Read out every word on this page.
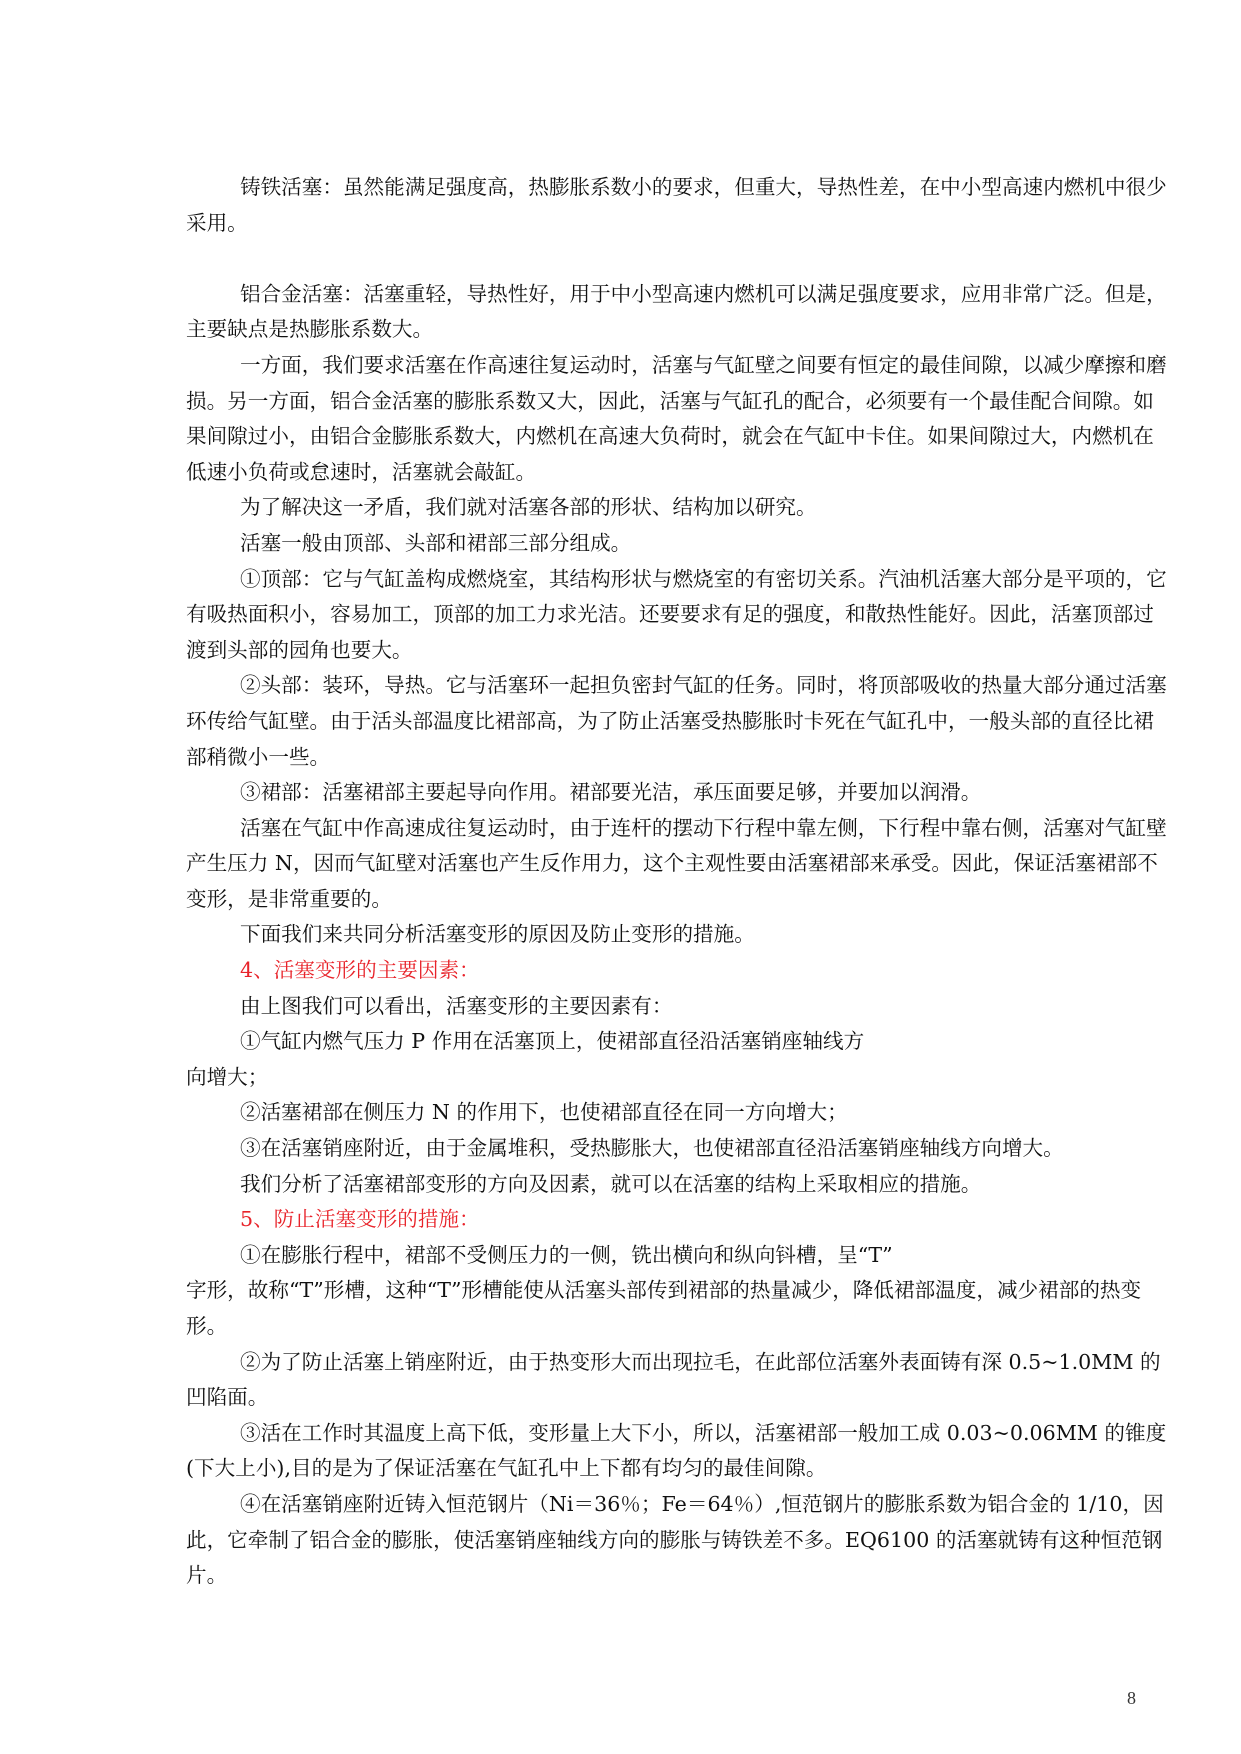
铸铁活塞：虽然能满足强度高，热膨胀系数小的要求，但重大，导热性差，在中小型高速内燃机中很少采用。

铝合金活塞：活塞重轻，导热性好，用于中小型高速内燃机可以满足强度要求，应用非常广泛。但是，主要缺点是热膨胀系数大。

一方面，我们要求活塞在作高速往复运动时，活塞与气缸壁之间要有恒定的最佳间隙，以减少摩擦和磨损。另一方面，铝合金活塞的膨胀系数又大，因此，活塞与气缸孔的配合，必须要有一个最佳配合间隙。如果间隙过小，由铝合金膨胀系数大，内燃机在高速大负荷时，就会在气缸中卡住。如果间隙过大，内燃机在低速小负荷或怠速时，活塞就会敲缸。

为了解决这一矛盾，我们就对活塞各部的形状、结构加以研究。

活塞一般由顶部、头部和裙部三部分组成。

①顶部：它与气缸盖构成燃烧室，其结构形状与燃烧室的有密切关系。汽油机活塞大部分是平项的，它有吸热面积小，容易加工，顶部的加工力求光洁。还要要求有足的强度，和散热性能好。因此，活塞顶部过渡到头部的园角也要大。

②头部：装环，导热。它与活塞环一起担负密封气缸的任务。同时，将顶部吸收的热量大部分通过活塞环传给气缸壁。由于活头部温度比裙部高，为了防止活塞受热膨胀时卡死在气缸孔中，一般头部的直径比裙部稍微小一些。

③裙部：活塞裙部主要起导向作用。裙部要光洁，承压面要足够，并要加以润滑。

活塞在气缸中作高速成往复运动时，由于连杆的摆动下行程中靠左侧，下行程中靠右侧，活塞对气缸壁产生压力 N，因而气缸壁对活塞也产生反作用力，这个主观性要由活塞裙部来承受。因此，保证活塞裙部不变形，是非常重要的。

下面我们来共同分析活塞变形的原因及防止变形的措施。

4、活塞变形的主要因素：

由上图我们可以看出，活塞变形的主要因素有：

①气缸内燃气压力 P 作用在活塞顶上，使裙部直径沿活塞销座轴线方

向增大；

②活塞裙部在侧压力 N 的作用下，也使裙部直径在同一方向增大；

③在活塞销座附近，由于金属堆积，受热膨胀大，也使裙部直径沿活塞销座轴线方向增大。

我们分析了活塞裙部变形的方向及因素，就可以在活塞的结构上采取相应的措施。

5、防止活塞变形的措施：

①在膨胀行程中，裙部不受侧压力的一侧，铣出横向和纵向钭槽，呈“T”

字形，故称“T”形槽，这种“T”形槽能使从活塞头部传到裙部的热量减少，降低裙部温度，减少裙部的热变形。

②为了防止活塞上销座附近，由于热变形大而出现拉毛，在此部位活塞外表面铸有深 0.5~1.0MM 的凹陷面。

③活在工作时其温度上高下低，变形量上大下小，所以，活塞裙部一般加工成 0.03~0.06MM 的锥度(下大上小),目的是为了保证活塞在气缸孔中上下都有均匀的最佳间隙。

④在活塞销座附近铸入恒范钢片（Ni＝36％；Fe＝64％）,恒范钢片的膨胀系数为铝合金的 1/10，因此，它牵制了铝合金的膨胀，使活塞销座轴线方向的膨胀与铸铁差不多。EQ6100 的活塞就铸有这种恒范钢片。

8
